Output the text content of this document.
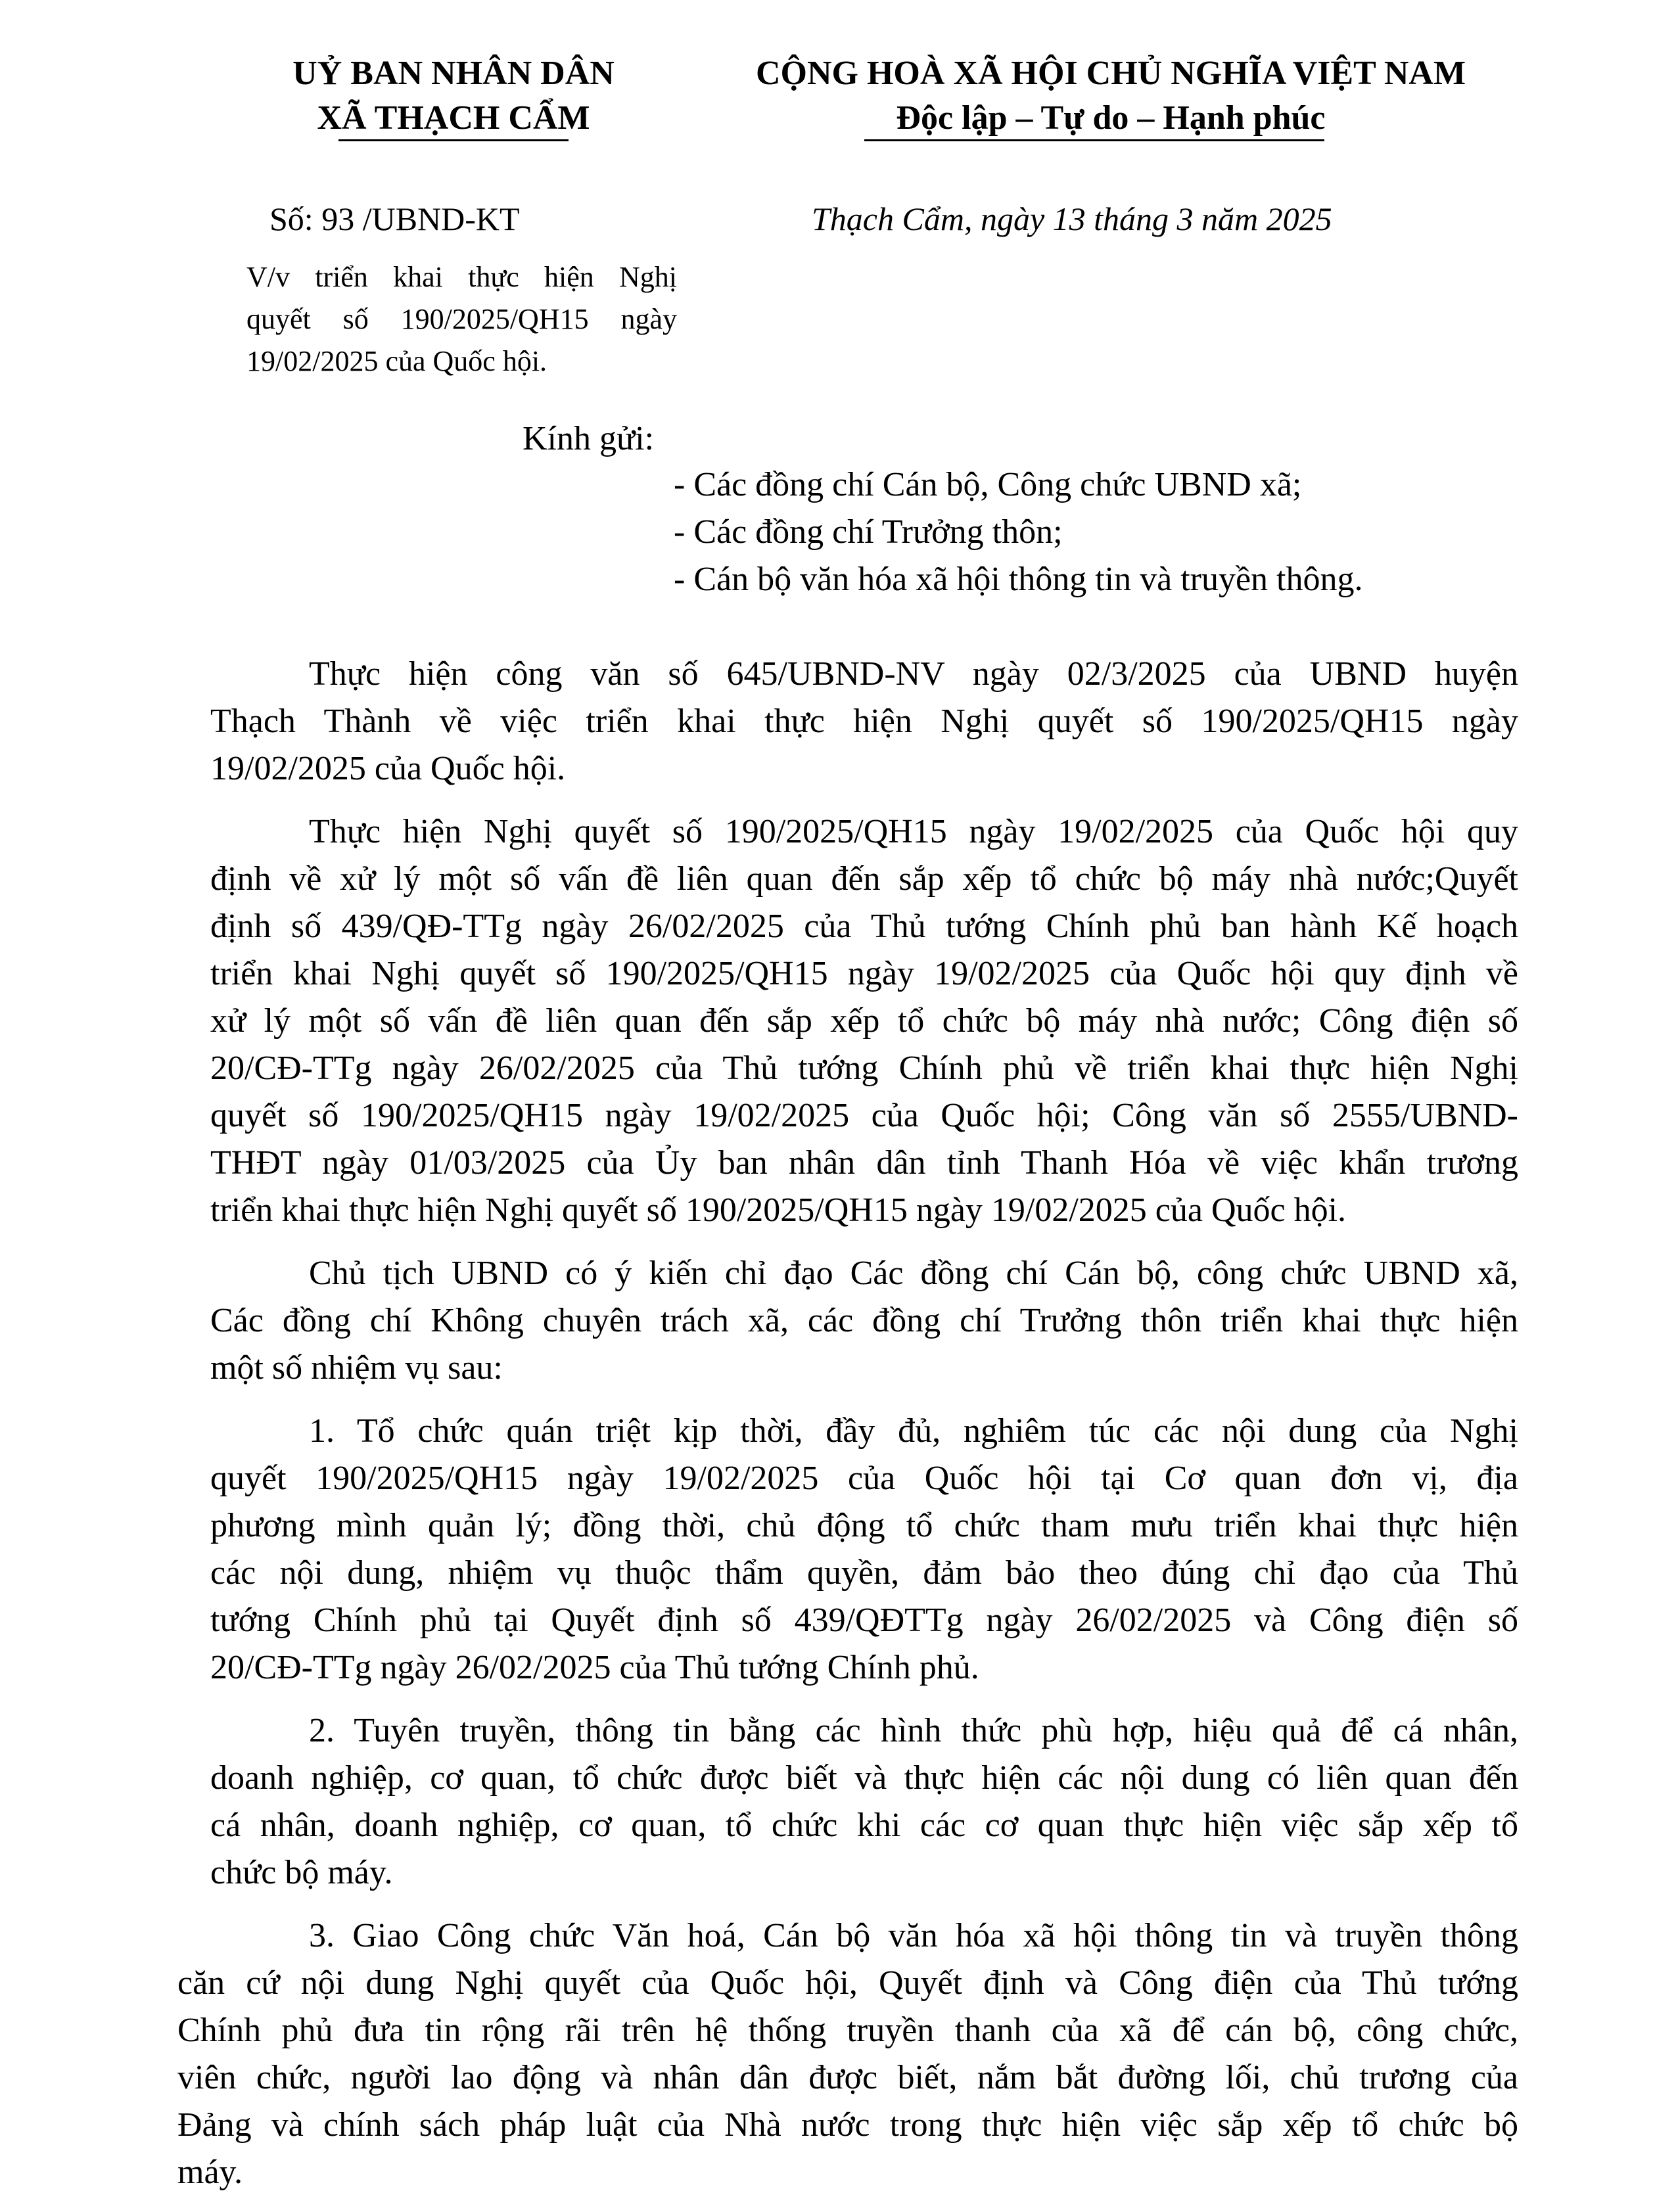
UỶ BAN NHÂN DÂN
XÃ THẠCH CẨM
CỘNG HOÀ XÃ HỘI CHỦ NGHĨA VIỆT NAM
Độc lập – Tự do – Hạnh phúc
Số: 93 /UBND-KT	Thạch Cẩm, ngày 13 tháng 3 năm 2025
V/v triển khai thực hiện Nghị
quyết số 190/2025/QH15 ngày
19/02/2025 của Quốc hội.
Kính gửi:
- Các đồng chí Cán bộ, Công chức UBND xã;
- Các đồng chí Trưởng thôn;
- Cán bộ văn hóa xã hội thông tin và truyền thông.
Thực hiện công văn số 645/UBND-NV ngày 02/3/2025 của UBND huyện
Thạch Thành về việc triển khai thực hiện Nghị quyết số 190/2025/QH15 ngày
19/02/2025 của Quốc hội.
Thực hiện Nghị quyết số 190/2025/QH15 ngày 19/02/2025 của Quốc hội quy
định về xử lý một số vấn đề liên quan đến sắp xếp tổ chức bộ máy nhà nước;Quyết
định số 439/QĐ-TTg ngày 26/02/2025 của Thủ tướng Chính phủ ban hành Kế hoạch
triển khai Nghị quyết số 190/2025/QH15 ngày 19/02/2025 của Quốc hội quy định về
xử lý một số vấn đề liên quan đến sắp xếp tổ chức bộ máy nhà nước; Công điện số
20/CĐ-TTg ngày 26/02/2025 của Thủ tướng Chính phủ về triển khai thực hiện Nghị
quyết số 190/2025/QH15 ngày 19/02/2025 của Quốc hội; Công văn số 2555/UBND-
THĐT ngày 01/03/2025 của Ủy ban nhân dân tỉnh Thanh Hóa về việc khẩn trương
triển khai thực hiện Nghị quyết số 190/2025/QH15 ngày 19/02/2025 của Quốc hội.
Chủ tịch UBND có ý kiến chỉ đạo Các đồng chí Cán bộ, công chức UBND xã,
Các đồng chí Không chuyên trách xã, các đồng chí Trưởng thôn triển khai thực hiện
một số nhiệm vụ sau:
1. Tổ chức quán triệt kịp thời, đầy đủ, nghiêm túc các nội dung của Nghị
quyết 190/2025/QH15 ngày 19/02/2025 của Quốc hội tại Cơ quan đơn vị, địa
phương mình quản lý; đồng thời, chủ động tổ chức tham mưu triển khai thực hiện
các nội dung, nhiệm vụ thuộc thẩm quyền, đảm bảo theo đúng chỉ đạo của Thủ
tướng Chính phủ tại Quyết định số 439/QĐTTg ngày 26/02/2025 và Công điện số
20/CĐ-TTg ngày 26/02/2025 của Thủ tướng Chính phủ.
2. Tuyên truyền, thông tin bằng các hình thức phù hợp, hiệu quả để cá nhân,
doanh nghiệp, cơ quan, tổ chức được biết và thực hiện các nội dung có liên quan đến
cá nhân, doanh nghiệp, cơ quan, tổ chức khi các cơ quan thực hiện việc sắp xếp tổ
chức bộ máy.
3. Giao Công chức Văn hoá, Cán bộ văn hóa xã hội thông tin và truyền thông
căn cứ nội dung Nghị quyết của Quốc hội, Quyết định và Công điện của Thủ tướng
Chính phủ đưa tin rộng rãi trên hệ thống truyền thanh của xã để cán bộ, công chức,
viên chức, người lao động và nhân dân được biết, nắm bắt đường lối, chủ trương của
Đảng và chính sách pháp luật của Nhà nước trong thực hiện việc sắp xếp tổ chức bộ
máy.
